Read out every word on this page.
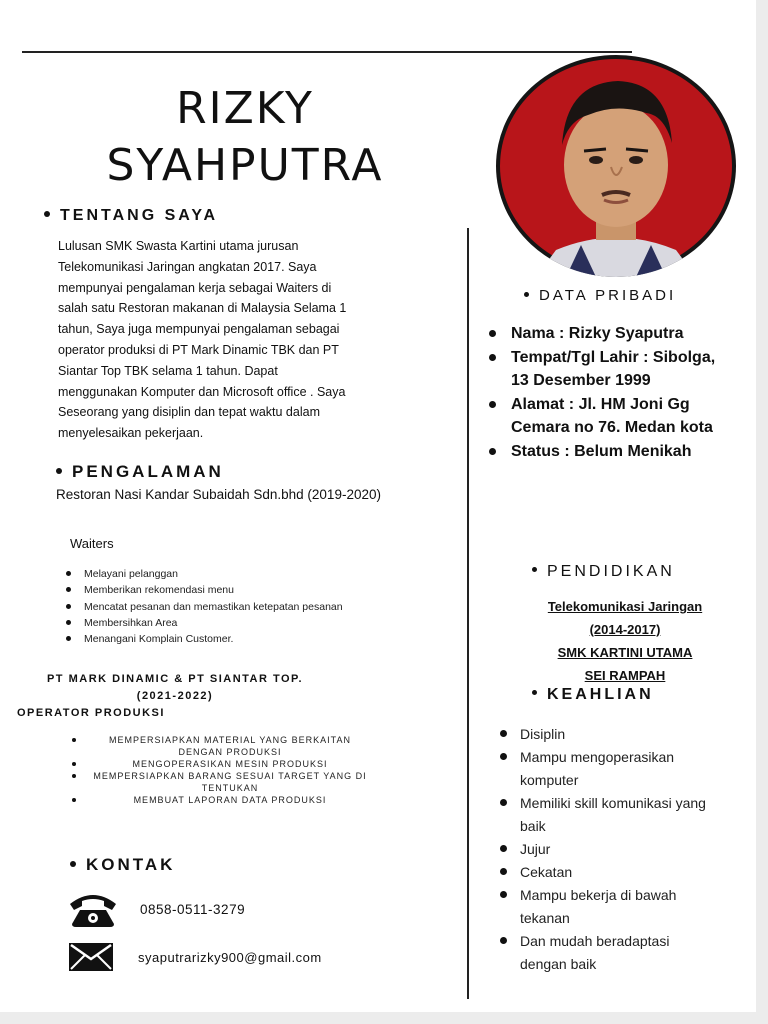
RIZKY
SYAHPUTRA
TENTANG SAYA
Lulusan SMK Swasta Kartini utama jurusan
Telekomunikasi Jaringan angkatan 2017. Saya
mempunyai pengalaman kerja sebagai Waiters di
salah satu Restoran makanan di Malaysia Selama 1
tahun, Saya juga mempunyai pengalaman sebagai
operator produksi di PT Mark Dinamic TBK dan PT
Siantar Top TBK selama 1 tahun. Dapat
menggunakan Komputer dan Microsoft office . Saya
Seseorang yang disiplin dan tepat waktu dalam
menyelesaikan pekerjaan.
PENGALAMAN
Restoran Nasi Kandar Subaidah Sdn.bhd (2019-2020)
Waiters
Melayani pelanggan
Memberikan rekomendasi menu
Mencatat pesanan dan memastikan ketepatan pesanan
Membersihkan Area
Menangani Komplain Customer.
PT MARK DINAMIC & PT SIANTAR TOP.
(2021-2022)
OPERATOR PRODUKSI
MEMPERSIAPKAN MATERIAL YANG BERKAITAN DENGAN PRODUKSI
MENGOPERASIKAN MESIN PRODUKSI
MEMPERSIAPKAN BARANG SESUAI TARGET YANG DI TENTUKAN
MEMBUAT LAPORAN DATA PRODUKSI
KONTAK
0858-0511-3279
syaputrarizky900@gmail.com
DATA PRIBADI
Nama : Rizky Syaputra
Tempat/Tgl Lahir : Sibolga, 13 Desember 1999
Alamat : Jl. HM Joni Gg Cemara no 76. Medan kota
Status : Belum Menikah
PENDIDIKAN
Telekomunikasi Jaringan
(2014-2017)
SMK KARTINI UTAMA
SEI RAMPAH
KEAHLIAN
Disiplin
Mampu mengoperasikan komputer
Memiliki skill komunikasi yang baik
Jujur
Cekatan
Mampu bekerja di bawah tekanan
Dan mudah beradaptasi dengan baik
